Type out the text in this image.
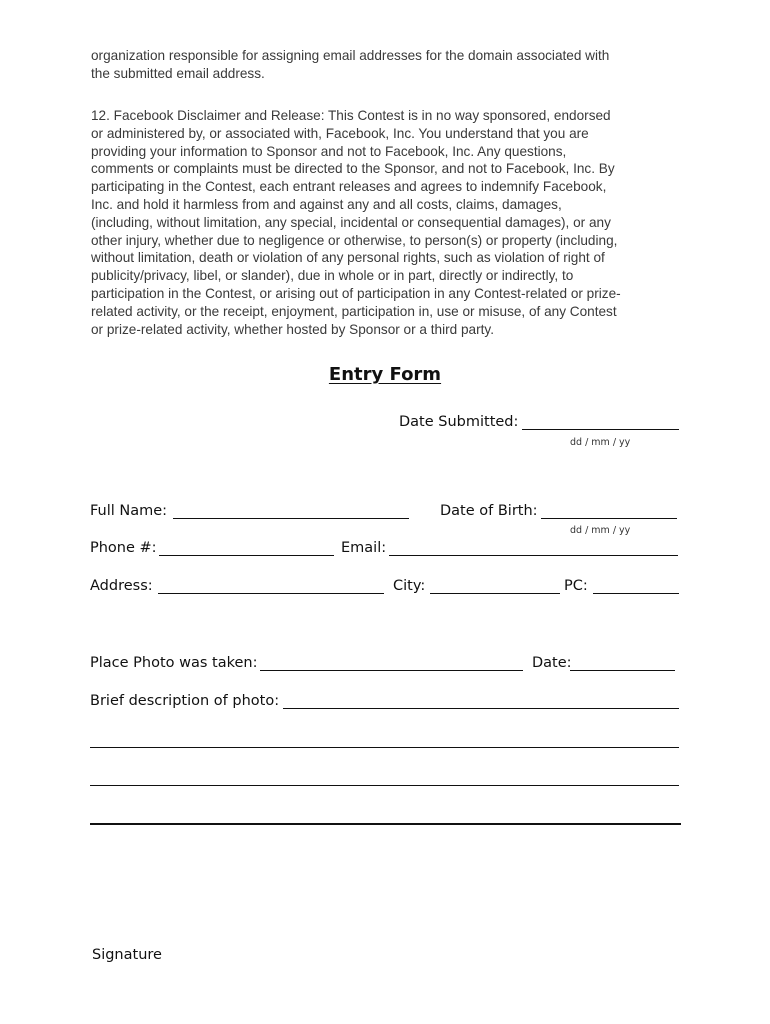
organization responsible for assigning email addresses for the domain associated with
the submitted email address.
12. Facebook Disclaimer and Release: This Contest is in no way sponsored, endorsed
or administered by, or associated with, Facebook, Inc. You understand that you are
providing your information to Sponsor and not to Facebook, Inc. Any questions,
comments or complaints must be directed to the Sponsor, and not to Facebook, Inc. By
participating in the Contest, each entrant releases and agrees to indemnify Facebook,
Inc. and hold it harmless from and against any and all costs, claims, damages,
(including, without limitation, any special, incidental or consequential damages), or any
other injury, whether due to negligence or otherwise, to person(s) or property (including,
without limitation, death or violation of any personal rights, such as violation of right of
publicity/privacy, libel, or slander), due in whole or in part, directly or indirectly, to
participation in the Contest, or arising out of participation in any Contest-related or prize-
related activity, or the receipt, enjoyment, participation in, use or misuse, of any Contest
or prize-related activity, whether hosted by Sponsor or a third party.
Entry Form
Date Submitted:
dd / mm / yy
Full Name:	Date of Birth:
dd / mm / yy
Phone #:	Email:
Address:	City:	PC:
Place Photo was taken:	Date:
Brief description of photo:
Signature
